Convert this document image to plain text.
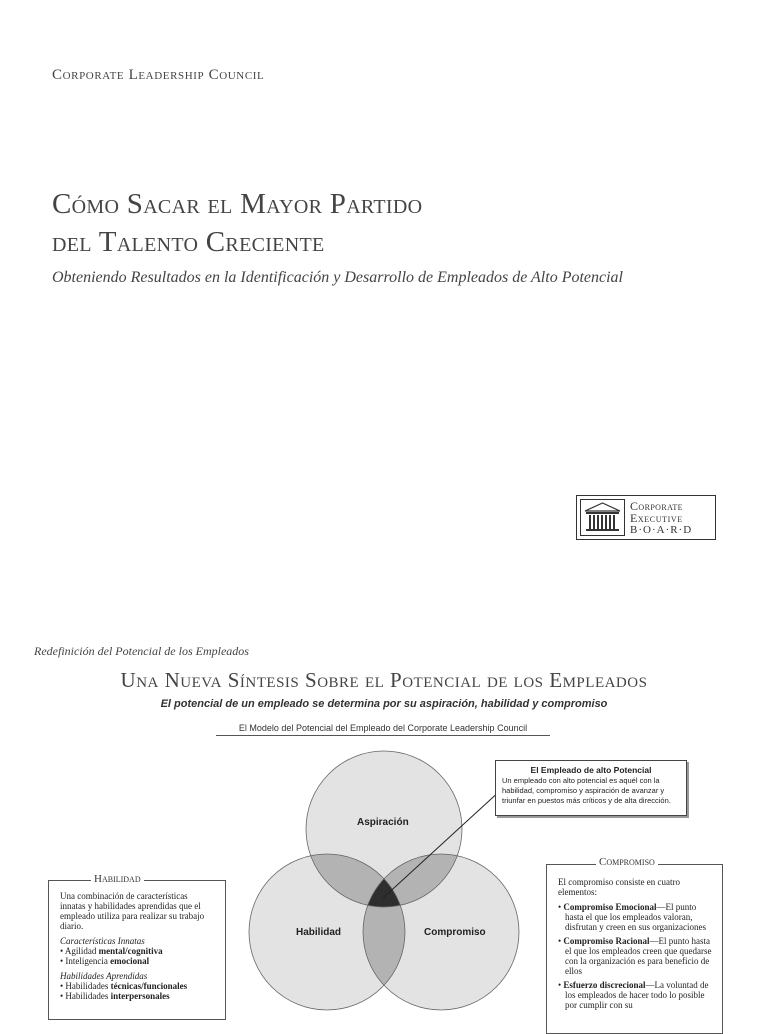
Corporate Leadership Council
Cómo Sacar el Mayor Partido
del Talento Creciente
Obteniendo Resultados en la Identificación y Desarrollo de Empleados de Alto Potencial
Corporate
Executive
B·O·A·R·D
Redefinición del Potencial de los Empleados
Una Nueva Síntesis Sobre el Potencial de los Empleados
El potencial de un empleado se determina por su aspiración, habilidad y compromiso
El Modelo del Potencial del Empleado del Corporate Leadership Council
Aspiración
Habilidad	Compromiso
El Empleado de alto Potencial
Un empleado con alto potencial es aquél con la habilidad, compromiso y aspiración de avanzar y triunfar en puestos más críticos y de alta dirección.
Una combinación de características innatas y habilidades aprendidas que el empleado utiliza para realizar su trabajo diario.
Características Innatas
• Agilidad mental/cognitiva
• Inteligencia emocional
Habilidades Aprendidas
• Habilidades técnicas/funcionales
• Habilidades interpersonales
Habilidad	El compromiso consiste en cuatro elementos:
• Compromiso Emocional—El punto hasta el que los empleados valoran, disfrutan y creen en sus organizaciones
• Compromiso Racional—El punto hasta el que los empleados creen que quedarse con la organización es para beneficio de ellos
• Esfuerzo discrecional—La voluntad de los empleados de hacer todo lo posible por cumplir con su
Compromiso
